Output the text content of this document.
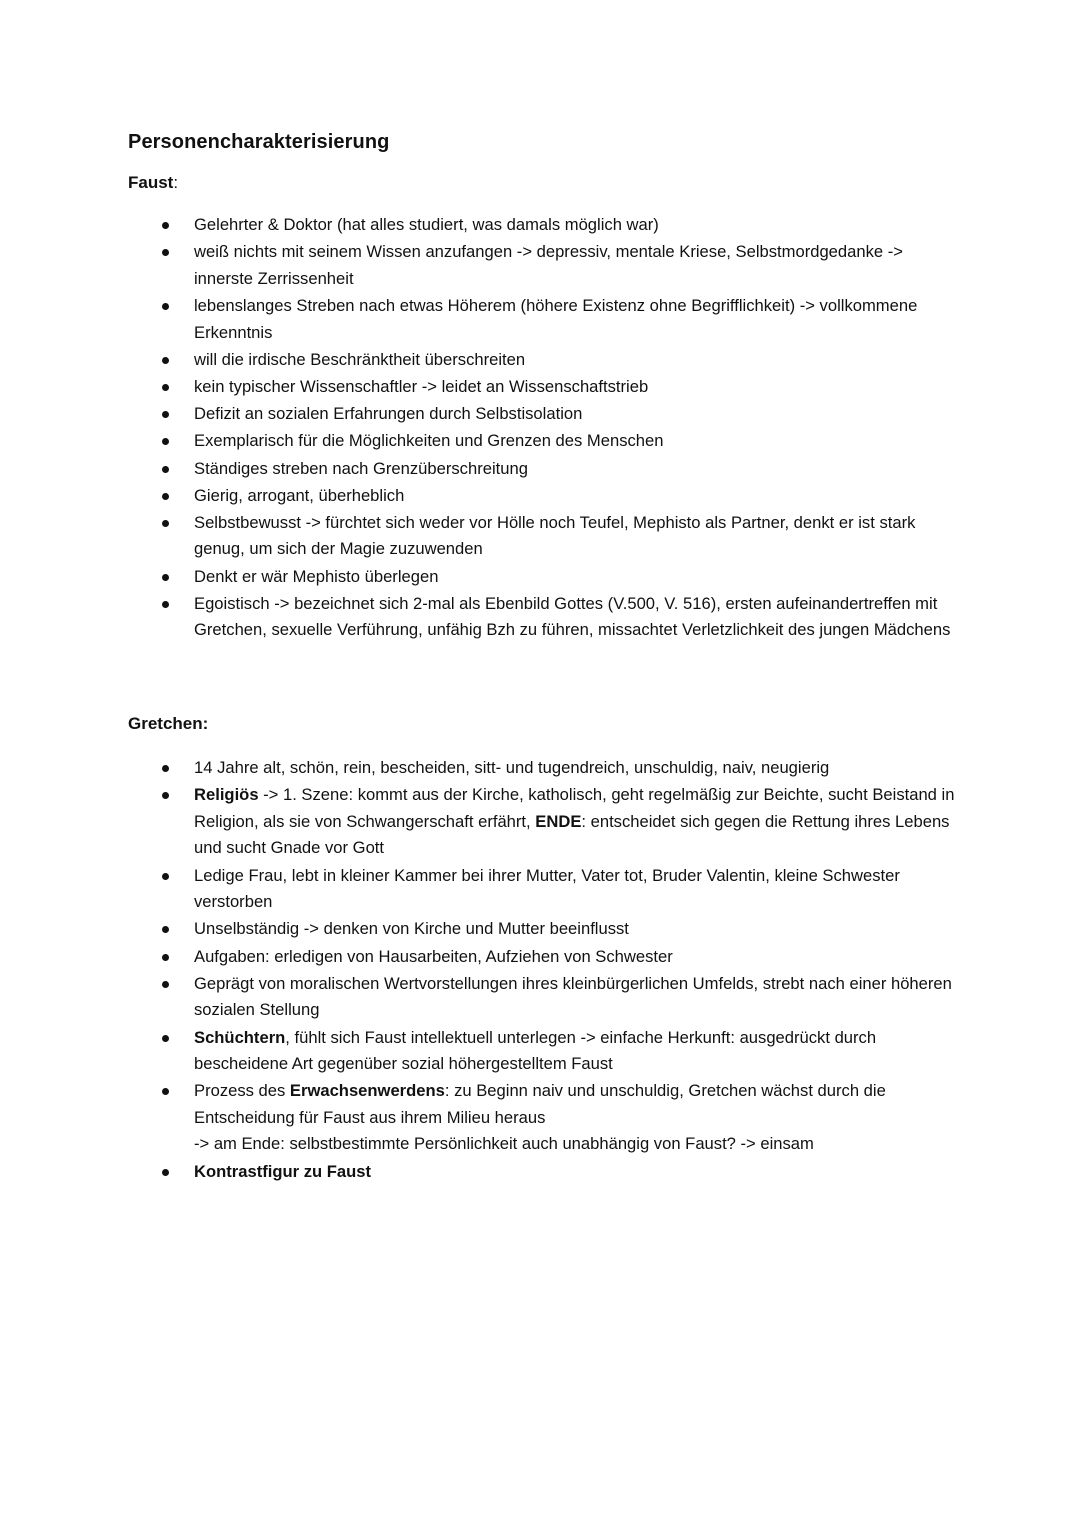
Personencharakterisierung
Faust:
Gelehrter & Doktor (hat alles studiert, was damals möglich war)
weiß nichts mit seinem Wissen anzufangen -> depressiv, mentale Kriese, Selbstmordgedanke -> innerste Zerrissenheit
lebenslanges Streben nach etwas Höherem (höhere Existenz ohne Begrifflichkeit) -> vollkommene Erkenntnis
will die irdische Beschränktheit überschreiten
kein typischer Wissenschaftler -> leidet an Wissenschaftstrieb
Defizit an sozialen Erfahrungen durch Selbstisolation
Exemplarisch für die Möglichkeiten und Grenzen des Menschen
Ständiges streben nach Grenzüberschreitung
Gierig, arrogant, überheblich
Selbstbewusst -> fürchtet sich weder vor Hölle noch Teufel, Mephisto als Partner, denkt er ist stark genug, um sich der Magie zuzuwenden
Denkt er wär Mephisto überlegen
Egoistisch -> bezeichnet sich 2-mal als Ebenbild Gottes (V.500, V. 516), ersten aufeinandertreffen mit Gretchen, sexuelle Verführung, unfähig Bzh zu führen, missachtet Verletzlichkeit des jungen Mädchens
Gretchen:
14 Jahre alt, schön, rein, bescheiden, sitt- und tugendreich, unschuldig, naiv, neugierig
Religiös -> 1. Szene: kommt aus der Kirche, katholisch, geht regelmäßig zur Beichte, sucht Beistand in Religion, als sie von Schwangerschaft erfährt, ENDE: entscheidet sich gegen die Rettung ihres Lebens und sucht Gnade vor Gott
Ledige Frau, lebt in kleiner Kammer bei ihrer Mutter, Vater tot, Bruder Valentin, kleine Schwester verstorben
Unselbständig -> denken von Kirche und Mutter beeinflusst
Aufgaben: erledigen von Hausarbeiten, Aufziehen von Schwester
Geprägt von moralischen Wertvorstellungen ihres kleinbürgerlichen Umfelds, strebt nach einer höheren sozialen Stellung
Schüchtern, fühlt sich Faust intellektuell unterlegen -> einfache Herkunft: ausgedrückt durch bescheidene Art gegenüber sozial höhergestelltem Faust
Prozess des Erwachsenwerdens: zu Beginn naiv und unschuldig, Gretchen wächst durch die Entscheidung für Faust aus ihrem Milieu heraus
-> am Ende: selbstbestimmte Persönlichkeit auch unabhängig von Faust? -> einsam
Kontrastfigur zu Faust
